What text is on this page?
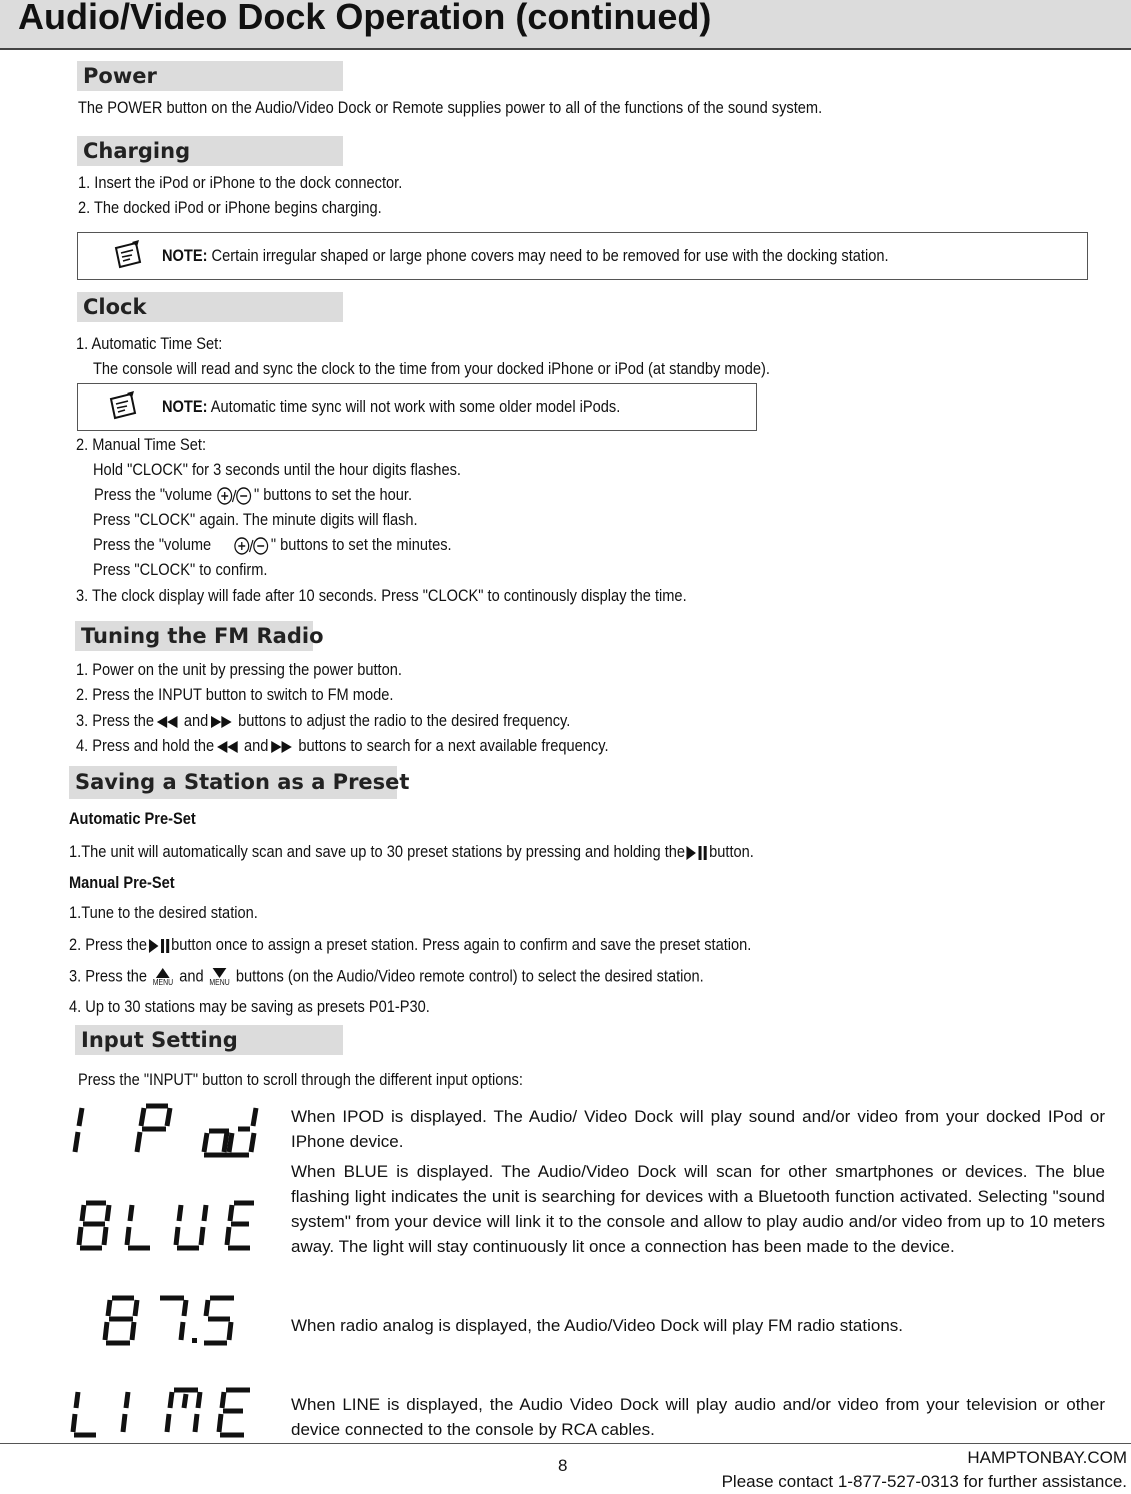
Audio/Video Dock Operation (continued)
Power
The POWER button on the Audio/Video Dock or Remote supplies power to all of the functions of the sound system.
Charging
1. Insert the iPod or iPhone to the dock connector.
2. The docked iPod or iPhone begins charging.
NOTE: Certain irregular shaped or large phone covers may need to be removed for use with the docking station.
Clock
1. Automatic Time Set:
The console will read and sync the clock to the time from your docked iPhone or iPod (at standby mode).
NOTE: Automatic time sync will not work with some older model iPods.
2. Manual Time Set:
Hold "CLOCK" for 3 seconds until the hour digits flashes.
Press the "volume " buttons to set the hour.
Press "CLOCK" again. The minute digits will flash.
Press the "volume	" buttons to set the minutes.
Press "CLOCK" to confirm.
3. The clock display will fade after 10 seconds. Press "CLOCK" to continously display the time.
Tuning the FM Radio
1. Power on the unit by pressing the power button.
2. Press the INPUT button to switch to FM mode.
3. Press the and buttons to adjust the radio to the desired frequency.
4. Press and hold the and buttons to search for a next available frequency.
Saving a Station as a Preset
Automatic Pre-Set
1.The unit will automatically scan and save up to 30 preset stations by pressing and holding the button.
Manual Pre-Set
1.Tune to the desired station.
2. Press the button once to assign a preset station. Press again to confirm and save the preset station.
3. Press the MENU and MENU buttons (on the Audio/Video remote control) to select the desired station.
4. Up to 30 stations may be saving as presets P01-P30.
Input Setting
Press the "INPUT" button to scroll through the different input options:
When IPOD is displayed. The Audio/ Video Dock will play sound and/or video from your docked IPod or IPhone device.
When BLUE is displayed. The Audio/Video Dock will scan for other smartphones or devices. The blue flashing light indicates the unit is searching for devices with a Bluetooth function activated. Selecting "sound system" from your device will link it to the console and allow to play audio and/or video from up to 10 meters away. The light will stay continuously lit once a connection has been made to the device.
When radio analog is displayed, the Audio/Video Dock will play FM radio stations.
When LINE is displayed, the Audio Video Dock will play audio and/or video from your television or other device connected to the console by RCA cables.
8	HAMPTONBAY.COM
Please contact 1-877-527-0313 for further assistance.
